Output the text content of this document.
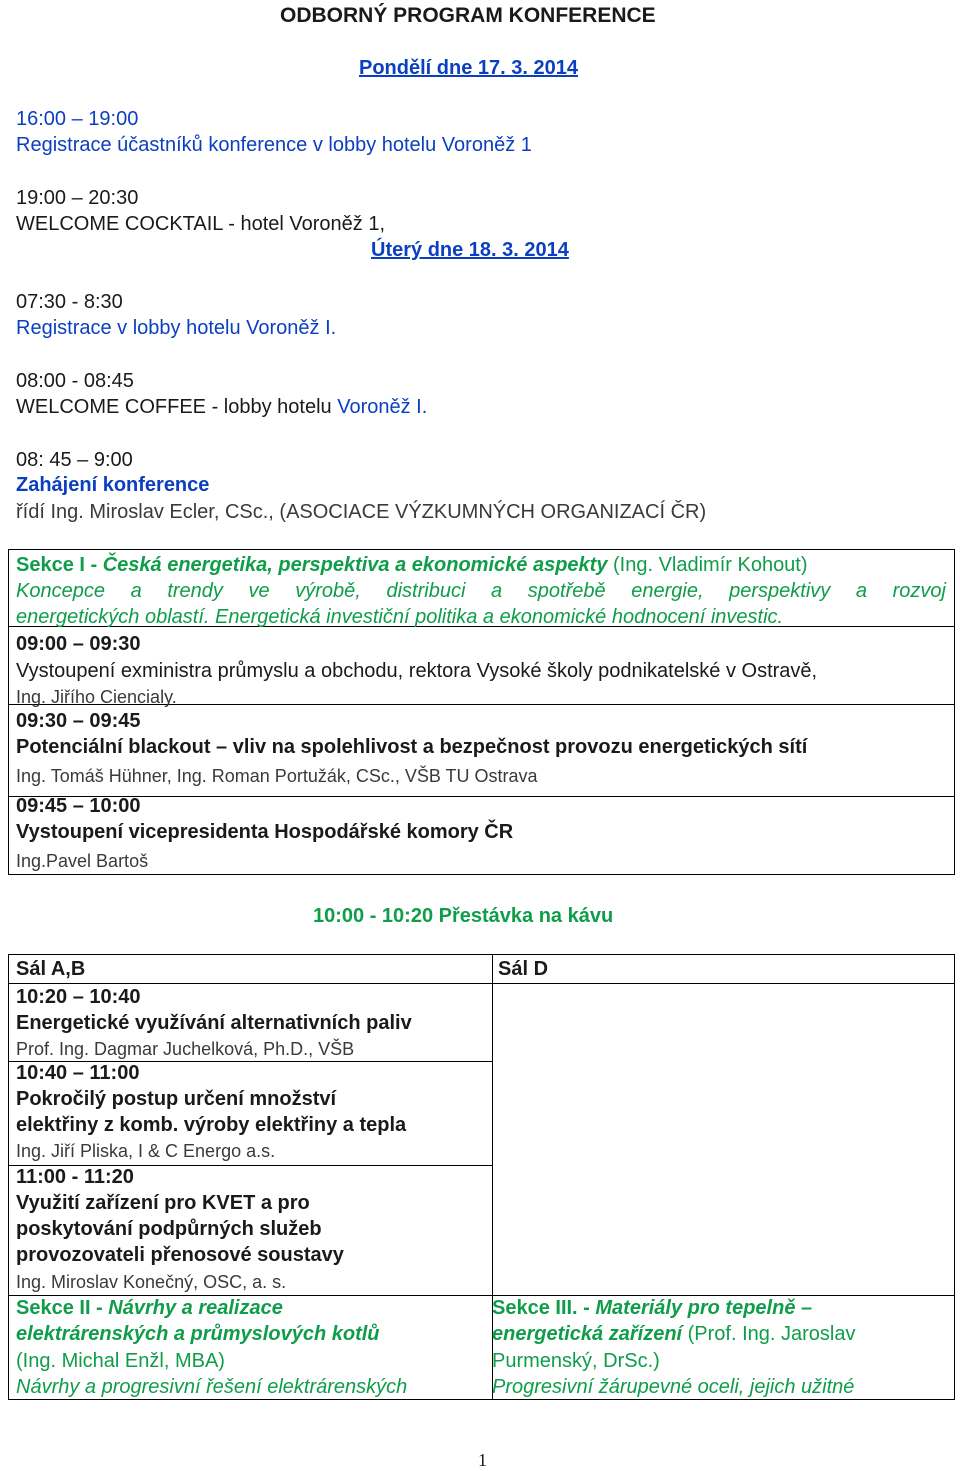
ODBORNÝ PROGRAM KONFERENCE
Pondělí dne 17. 3. 2014
16:00 – 19:00
Registrace účastníků konference v lobby hotelu Voroněž 1
19:00 – 20:30
WELCOME COCKTAIL - hotel Voroněž 1,
Úterý dne 18. 3. 2014
07:30 - 8:30
Registrace v lobby hotelu Voroněž I.
08:00 - 08:45
WELCOME COFFEE - lobby hotelu Voroněž I.
08: 45 – 9:00
Zahájení konference
řídí Ing. Miroslav Ecler, CSc., (ASOCIACE VÝZKUMNÝCH ORGANIZACÍ ČR)
Sekce I - Česká energetika, perspektiva a ekonomické aspekty (Ing. Vladimír Kohout)
Koncepce a trendy ve výrobě, distribuci a spotřebě energie, perspektivy a rozvoj
energetických oblastí. Energetická investiční politika a ekonomické hodnocení investic.
09:00 – 09:30
Vystoupení exministra průmyslu a obchodu, rektora Vysoké školy podnikatelské v Ostravě,
Ing. Jiřího Ciencialy.
09:30 – 09:45
Potenciální blackout – vliv na spolehlivost a bezpečnost provozu energetických sítí
Ing. Tomáš Hühner, Ing. Roman Portužák, CSc., VŠB TU Ostrava
09:45 – 10:00
Vystoupení vicepresidenta Hospodářské komory ČR
Ing.Pavel Bartoš
10:00 - 10:20 Přestávka na kávu
Sál A,B	Sál D
10:20 – 10:40
Energetické využívání alternativních paliv
Prof. Ing. Dagmar Juchelková, Ph.D., VŠB
10:40 – 11:00
Pokročilý postup určení množství
elektřiny z komb. výroby elektřiny a tepla
Ing. Jiří Pliska, I & C Energo a.s.
11:00 - 11:20
Využití zařízení pro KVET a pro
poskytování podpůrných služeb
provozovateli přenosové soustavy
Ing. Miroslav Konečný, OSC, a. s.
Sekce II - Návrhy a realizace
elektrárenských a průmyslových kotlů
(Ing. Michal Enžl, MBA)
Návrhy a progresivní řešení elektrárenských
Sekce III. - Materiály pro tepelně –
energetická zařízení (Prof. Ing. Jaroslav
Purmenský, DrSc.)
Progresivní žárupevné oceli, jejich užitné
1
